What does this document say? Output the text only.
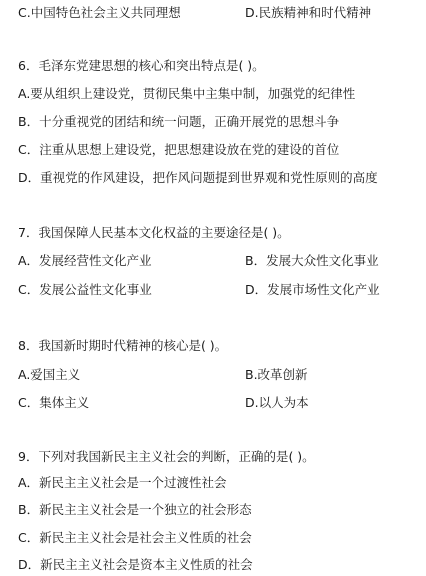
C.中国特色社会主义共同理想	D.民族精神和时代精神
6．毛泽东党建思想的核心和突出特点是( )。
A.要从组织上建设党，贯彻民集中主集中制，加强党的纪律性
B．十分重视党的团结和统一问题，正确开展党的思想斗争
C．注重从思想上建设党，把思想建设放在党的建设的首位
D．重视党的作风建设，把作风问题提到世界观和党性原则的高度
7．我国保障人民基本文化权益的主要途径是( )。
A．发展经营性文化产业	B．发展大众性文化事业
C．发展公益性文化事业	D．发展市场性文化产业
8．我国新时期时代精神的核心是( )。
A.爱国主义	B.改革创新
C．集体主义	D.以人为本
9．下列对我国新民主主义社会的判断，正确的是( )。
A．新民主主义社会是一个过渡性社会
B．新民主主义社会是一个独立的社会形态
C．新民主主义社会是社会主义性质的社会
D．新民主主义社会是资本主义性质的社会
